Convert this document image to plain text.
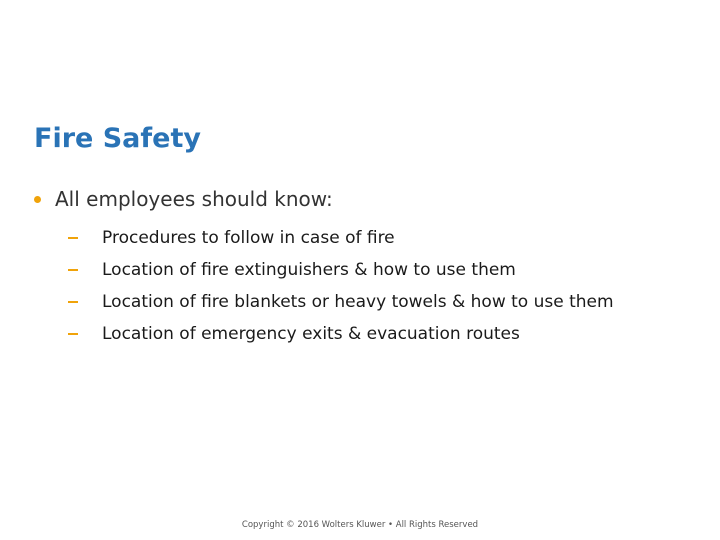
Fire Safety
All employees should know:
Procedures to follow in case of fire
Location of fire extinguishers & how to use them
Location of fire blankets or heavy towels & how to use them
Location of emergency exits & evacuation routes
Copyright © 2016 Wolters Kluwer • All Rights Reserved
